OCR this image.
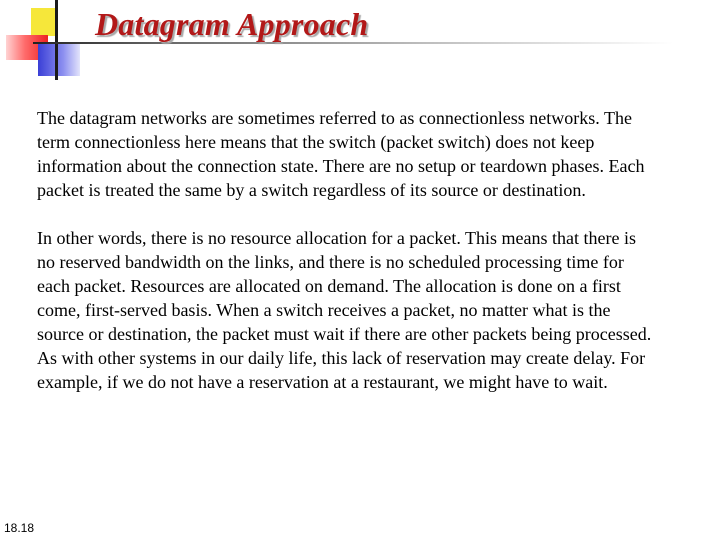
Datagram Approach

The datagram networks are sometimes referred to as connectionless networks. The term connectionless here means that the switch (packet switch) does not keep information about the connection state. There are no setup or teardown phases. Each packet is treated the same by a switch regardless of its source or destination.

In other words, there is no resource allocation for a packet. This means that there is no reserved bandwidth on the links, and there is no scheduled processing time for each packet. Resources are allocated on demand. The allocation is done on a first come, first-served basis. When a switch receives a packet, no matter what is the source or destination, the packet must wait if there are other packets being processed. As with other systems in our daily life, this lack of reservation may create delay. For example, if we do not have a reservation at a restaurant, we might have to wait.

18.18
